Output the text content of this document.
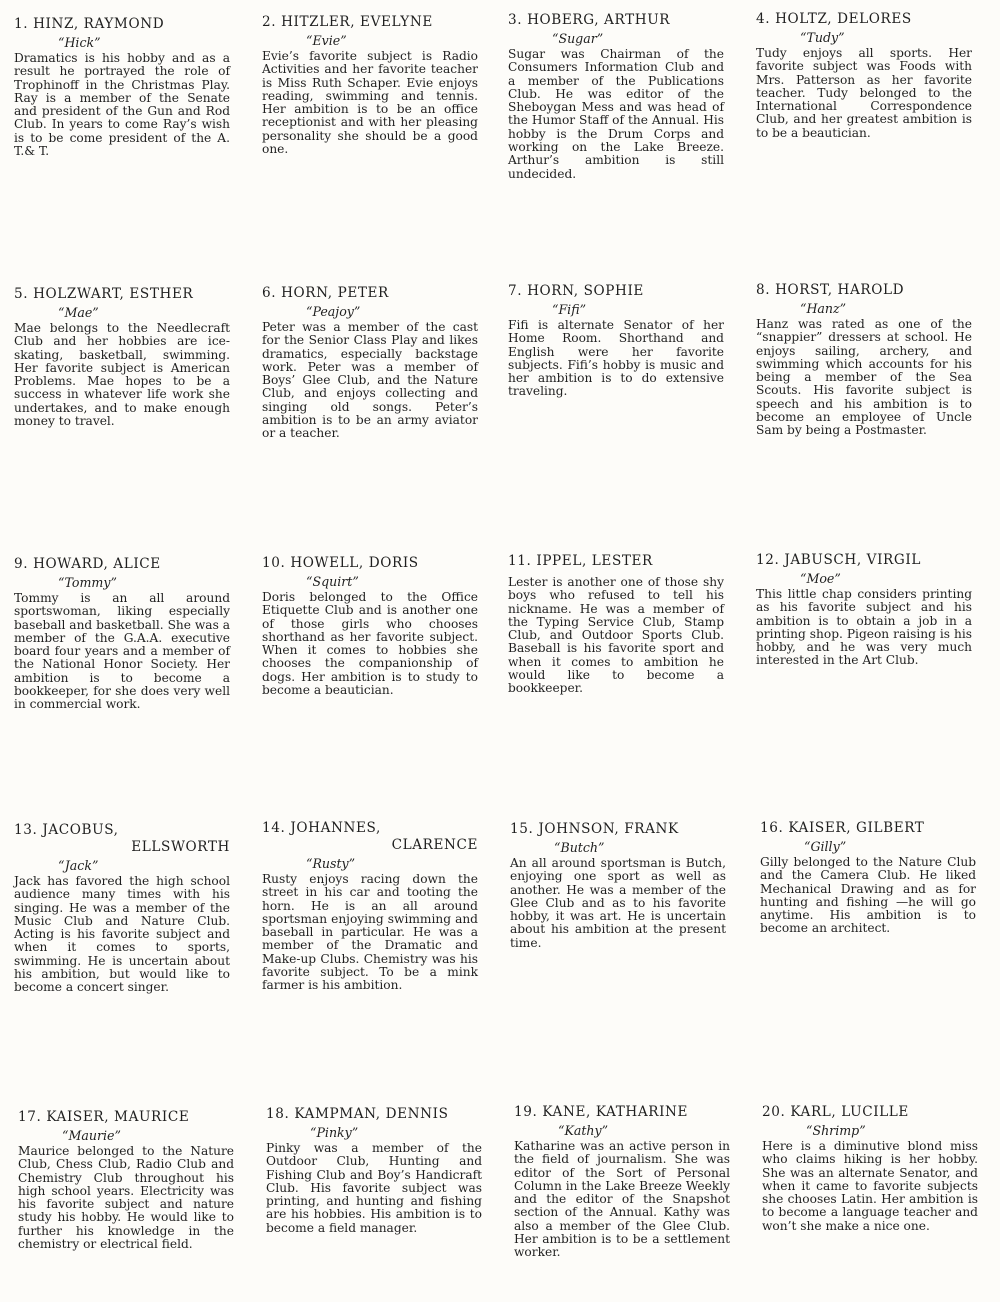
1. HINZ, RAYMOND
“Hick”

Dramatics is his hobby and as a result he portrayed the role of Trophinoff in the Christmas Play. Ray is a member of the Senate and president of the Gun and Rod Club. In years to come Ray’s wish is to be come president of the A. T.& T.

2. HITZLER, EVELYNE
“Evie”

Evie’s favorite subject is Radio Activities and her favorite teacher is Miss Ruth Schaper. Evie enjoys reading, swimming and tennis. Her ambition is to be an office receptionist and with her pleasing personality she should be a good one.

3. HOBERG, ARTHUR
“Sugar”

Sugar was Chairman of the Consumers Information Club and a member of the Publications Club. He was editor of the Sheboygan Mess and was head of the Humor Staff of the Annual. His hobby is the Drum Corps and working on the Lake Breeze. Arthur’s ambition is still undecided.

4. HOLTZ, DELORES
“Tudy”

Tudy enjoys all sports. Her favorite subject was Foods with Mrs. Patterson as her favorite teacher. Tudy belonged to the International Correspondence Club, and her greatest ambition is to be a beautician.

5. HOLZWART, ESTHER
“Mae”

Mae belongs to the Needlecraft Club and her hobbies are ice-skating, basketball, swimming. Her favorite subject is American Problems. Mae hopes to be a success in whatever life work she undertakes, and to make enough money to travel.

6. HORN, PETER
“Peajoy”

Peter was a member of the cast for the Senior Class Play and likes dramatics, especially backstage work. Peter was a member of Boys’ Glee Club, and the Nature Club, and enjoys collecting and singing old songs. Peter’s ambition is to be an army aviator or a teacher.

7. HORN, SOPHIE
“Fifi”

Fifi is alternate Senator of her Home Room. Shorthand and English were her favorite subjects. Fifi’s hobby is music and her ambition is to do extensive traveling.

8. HORST, HAROLD
“Hanz”

Hanz was rated as one of the “snappier” dressers at school. He enjoys sailing, archery, and swimming which accounts for his being a member of the Sea Scouts. His favorite subject is speech and his ambition is to become an employee of Uncle Sam by being a Postmaster.

9. HOWARD, ALICE
“Tommy”

Tommy is an all around sportswoman, liking especially baseball and basketball. She was a member of the G.A.A. executive board four years and a member of the National Honor Society. Her ambition is to become a bookkeeper, for she does very well in commercial work.

10. HOWELL, DORIS
“Squirt”

Doris belonged to the Office Etiquette Club and is another one of those girls who chooses shorthand as her favorite subject. When it comes to hobbies she chooses the companionship of dogs. Her ambition is to study to become a beautician.

11. IPPEL, LESTER

Lester is another one of those shy boys who refused to tell his nickname. He was a member of the Typing Service Club, Stamp Club, and Outdoor Sports Club. Baseball is his favorite sport and when it comes to ambition he would like to become a bookkeeper.

12. JABUSCH, VIRGIL
“Moe”

This little chap considers printing as his favorite subject and his ambition is to obtain a job in a printing shop. Pigeon raising is his hobby, and he was very much interested in the Art Club.

13. JACOBUS,
ELLSWORTH
“Jack”

Jack has favored the high school audience many times with his singing. He was a member of the Music Club and Nature Club. Acting is his favorite subject and when it comes to sports, swimming. He is uncertain about his ambition, but would like to become a concert singer.

14. JOHANNES,
CLARENCE
“Rusty”

Rusty enjoys racing down the street in his car and tooting the horn. He is an all around sportsman enjoying swimming and baseball in particular. He was a member of the Dramatic and Make-up Clubs. Chemistry was his favorite subject. To be a mink farmer is his ambition.

15. JOHNSON, FRANK
“Butch”

An all around sportsman is Butch, enjoying one sport as well as another. He was a member of the Glee Club and as to his favorite hobby, it was art. He is uncertain about his ambition at the present time.

16. KAISER, GILBERT
“Gilly”

Gilly belonged to the Nature Club and the Camera Club. He liked Mechanical Drawing and as for hunting and fishing —he will go anytime. His ambition is to become an architect.

17. KAISER, MAURICE
“Maurie”

Maurice belonged to the Nature Club, Chess Club, Radio Club and Chemistry Club throughout his high school years. Electricity was his favorite subject and nature study his hobby. He would like to further his knowledge in the chemistry or electrical field.

18. KAMPMAN, DENNIS
“Pinky”

Pinky was a member of the Outdoor Club, Hunting and Fishing Club and Boy’s Handicraft Club. His favorite subject was printing, and hunting and fishing are his hobbies. His ambition is to become a field manager.

19. KANE, KATHARINE
“Kathy”

Katharine was an active person in the field of journalism. She was editor of the Sort of Personal Column in the Lake Breeze Weekly and the editor of the Snapshot section of the Annual. Kathy was also a member of the Glee Club. Her ambition is to be a settlement worker.

20. KARL, LUCILLE
“Shrimp”

Here is a diminutive blond miss who claims hiking is her hobby. She was an alternate Senator, and when it came to favorite subjects she chooses Latin. Her ambition is to become a language teacher and won’t she make a nice one.
